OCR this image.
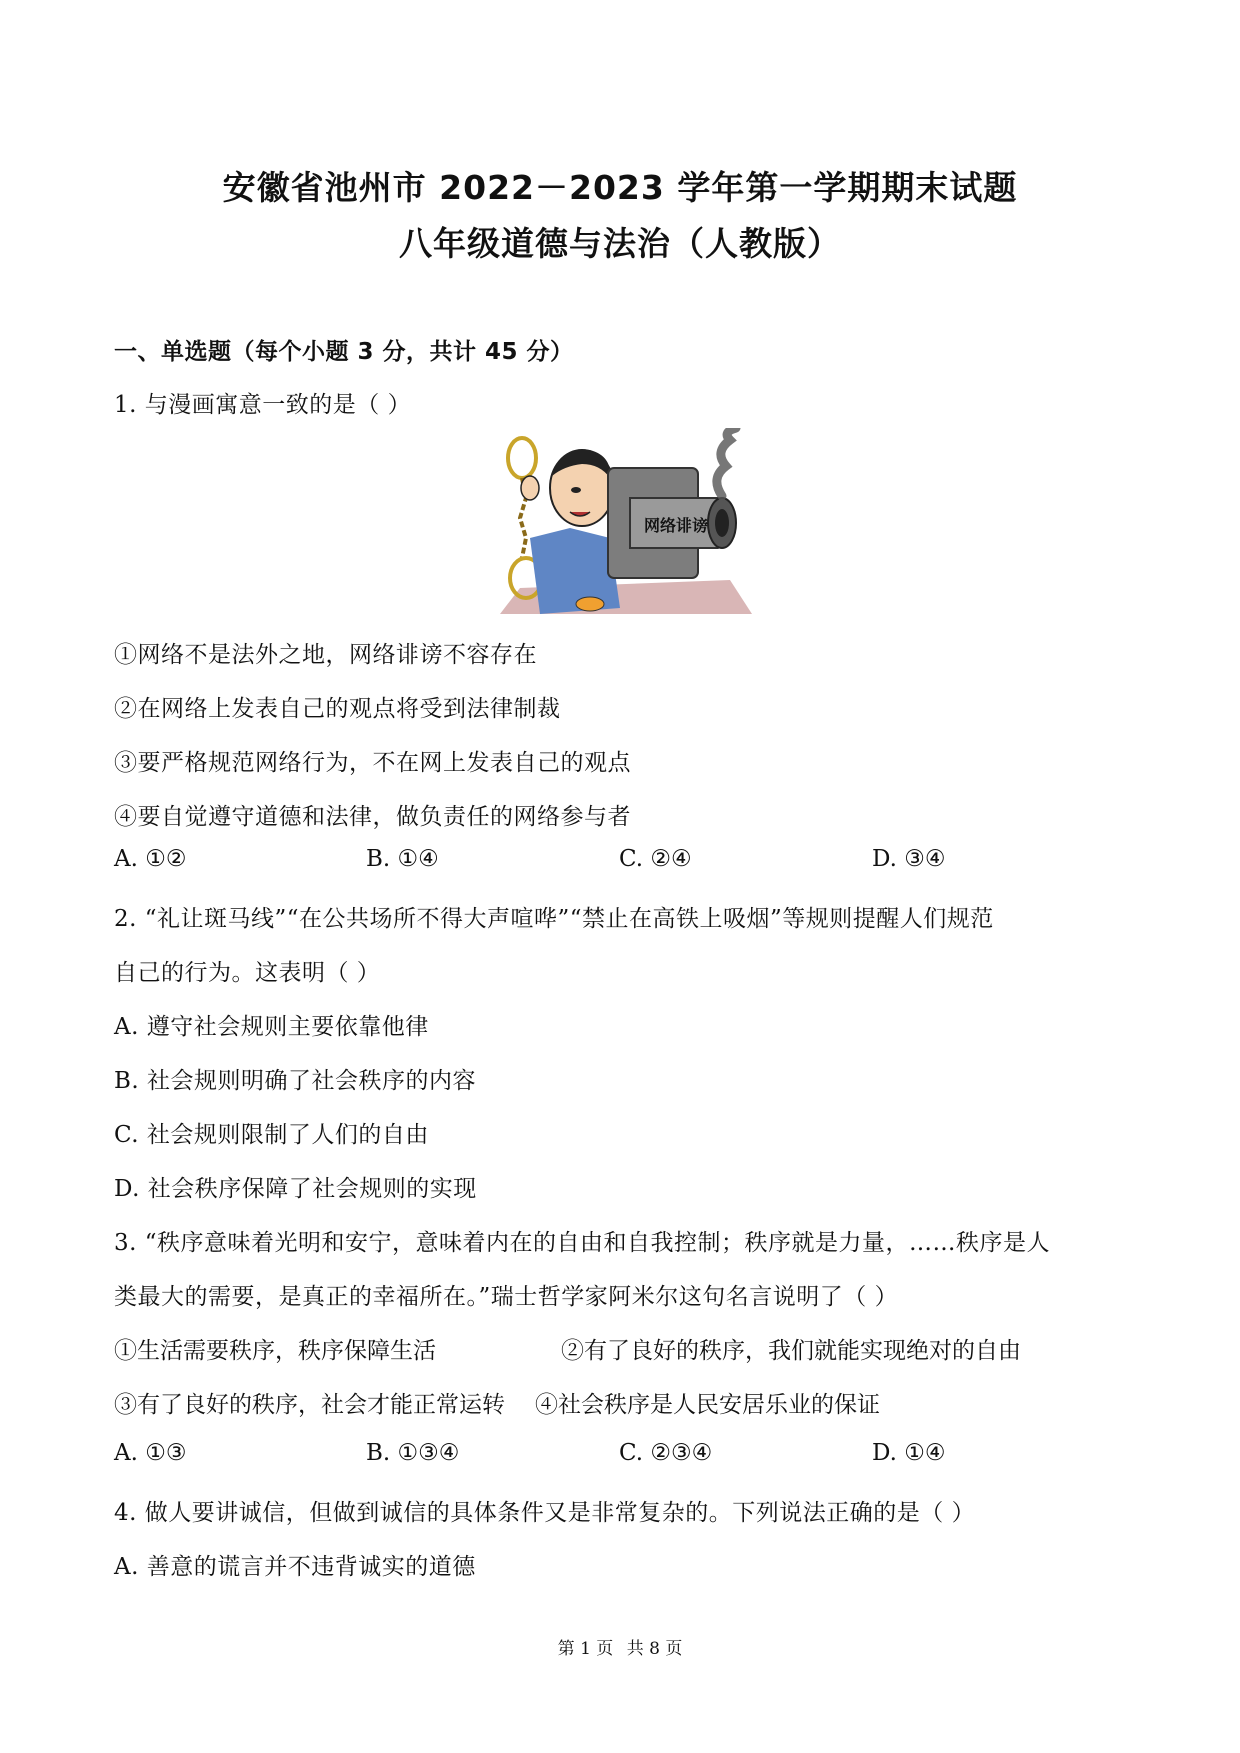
安徽省池州市 2022－2023 学年第一学期期末试题
八年级道德与法治（人教版）
一、单选题（每个小题 3 分，共计 45 分）
1. 与漫画寓意一致的是（ ）
网络诽谤
①网络不是法外之地，网络诽谤不容存在
②在网络上发表自己的观点将受到法律制裁
③要严格规范网络行为，不在网上发表自己的观点
④要自觉遵守道德和法律，做负责任的网络参与者
A. ①②	B. ①④	C. ②④	D. ③④
2. “礼让斑马线”“在公共场所不得大声喧哗”“禁止在高铁上吸烟”等规则提醒人们规范
自己的行为。这表明（ ）
A. 遵守社会规则主要依靠他律
B. 社会规则明确了社会秩序的内容
C. 社会规则限制了人们的自由
D. 社会秩序保障了社会规则的实现
3. “秩序意味着光明和安宁，意味着内在的自由和自我控制；秩序就是力量，……秩序是人
类最大的需要，是真正的幸福所在。”瑞士哲学家阿米尔这句名言说明了（ ）
①生活需要秩序，秩序保障生活	②有了良好的秩序，我们就能实现绝对的自由
③有了良好的秩序，社会才能正常运转 ④社会秩序是人民安居乐业的保证
A. ①③	B. ①③④	C. ②③④	D. ①④
4. 做人要讲诚信，但做到诚信的具体条件又是非常复杂的。下列说法正确的是（ ）
A. 善意的谎言并不违背诚实的道德
第 1 页 共 8 页
